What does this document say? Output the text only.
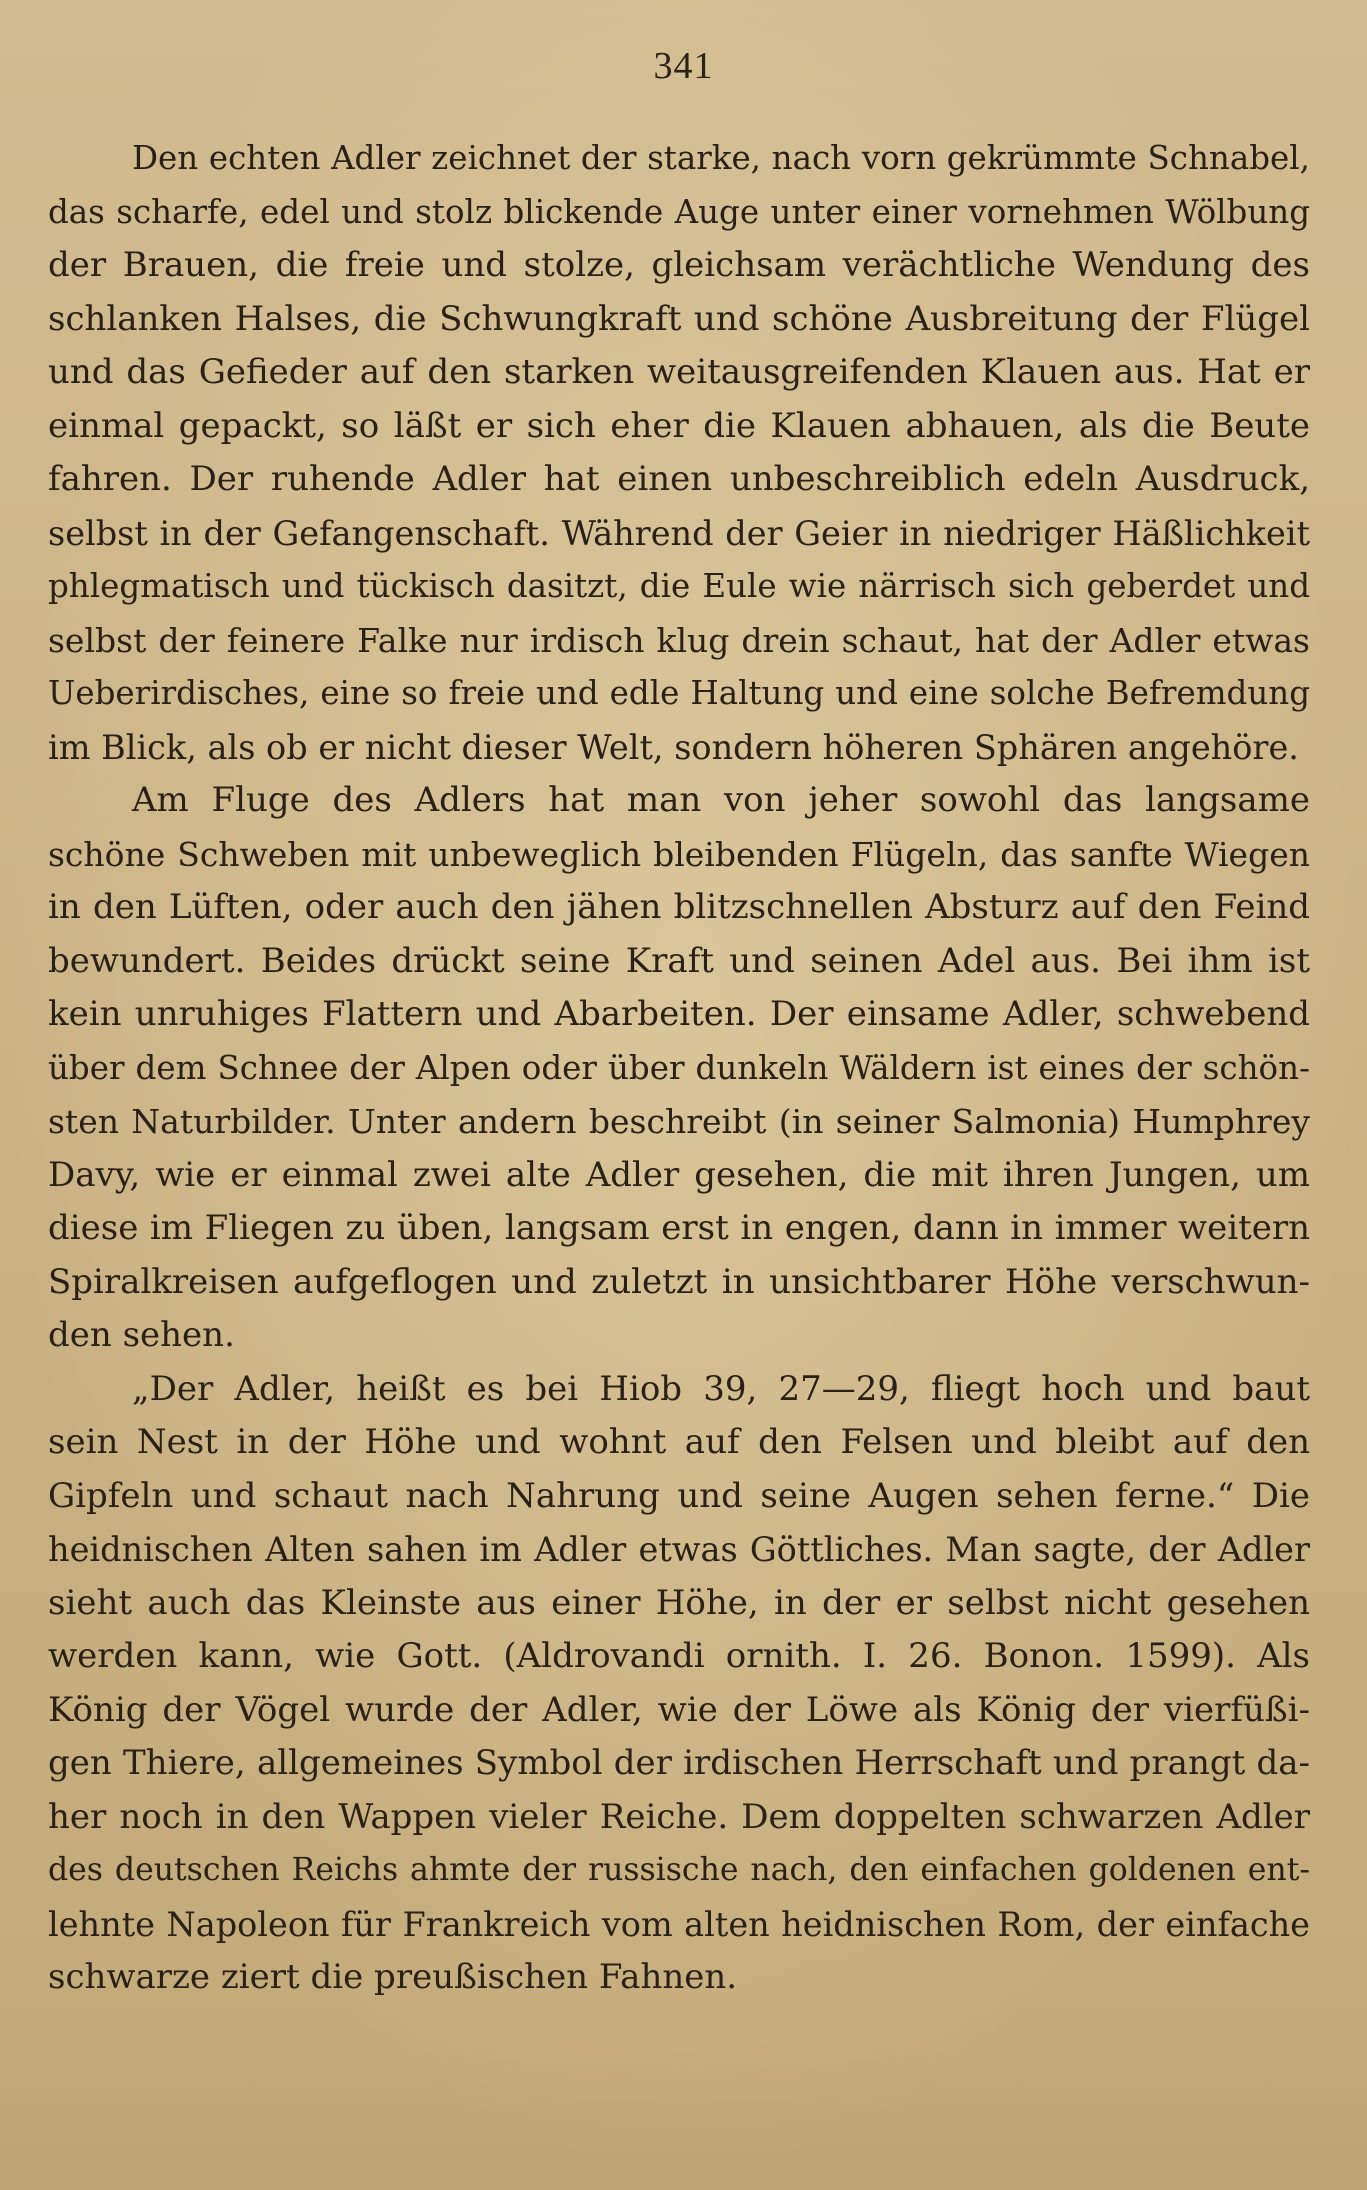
341
Den echten Adler zeichnet der starke, nach vorn gekrümmte Schnabel,
das scharfe, edel und stolz blickende Auge unter einer vornehmen Wölbung
der Brauen, die freie und stolze, gleichsam verächtliche Wendung des
schlanken Halses, die Schwungkraft und schöne Ausbreitung der Flügel
und das Gefieder auf den starken weitausgreifenden Klauen aus. Hat er
einmal gepackt, so läßt er sich eher die Klauen abhauen, als die Beute
fahren. Der ruhende Adler hat einen unbeschreiblich edeln Ausdruck,
selbst in der Gefangenschaft. Während der Geier in niedriger Häßlichkeit
phlegmatisch und tückisch dasitzt, die Eule wie närrisch sich geberdet und
selbst der feinere Falke nur irdisch klug drein schaut, hat der Adler etwas
Ueberirdisches, eine so freie und edle Haltung und eine solche Befremdung
im Blick, als ob er nicht dieser Welt, sondern höheren Sphären angehöre.
Am Fluge des Adlers hat man von jeher sowohl das langsame
schöne Schweben mit unbeweglich bleibenden Flügeln, das sanfte Wiegen
in den Lüften, oder auch den jähen blitzschnellen Absturz auf den Feind
bewundert. Beides drückt seine Kraft und seinen Adel aus. Bei ihm ist
kein unruhiges Flattern und Abarbeiten. Der einsame Adler, schwebend
über dem Schnee der Alpen oder über dunkeln Wäldern ist eines der schön-
sten Naturbilder. Unter andern beschreibt (in seiner Salmonia) Humphrey
Davy, wie er einmal zwei alte Adler gesehen, die mit ihren Jungen, um
diese im Fliegen zu üben, langsam erst in engen, dann in immer weitern
Spiralkreisen aufgeflogen und zuletzt in unsichtbarer Höhe verschwun-
den sehen.
„Der Adler, heißt es bei Hiob 39, 27—29, fliegt hoch und baut
sein Nest in der Höhe und wohnt auf den Felsen und bleibt auf den
Gipfeln und schaut nach Nahrung und seine Augen sehen ferne.“ Die
heidnischen Alten sahen im Adler etwas Göttliches. Man sagte, der Adler
sieht auch das Kleinste aus einer Höhe, in der er selbst nicht gesehen
werden kann, wie Gott. (Aldrovandi ornith. I. 26. Bonon. 1599). Als
König der Vögel wurde der Adler, wie der Löwe als König der vierfüßi-
gen Thiere, allgemeines Symbol der irdischen Herrschaft und prangt da-
her noch in den Wappen vieler Reiche. Dem doppelten schwarzen Adler
des deutschen Reichs ahmte der russische nach, den einfachen goldenen ent-
lehnte Napoleon für Frankreich vom alten heidnischen Rom, der einfache
schwarze ziert die preußischen Fahnen.
